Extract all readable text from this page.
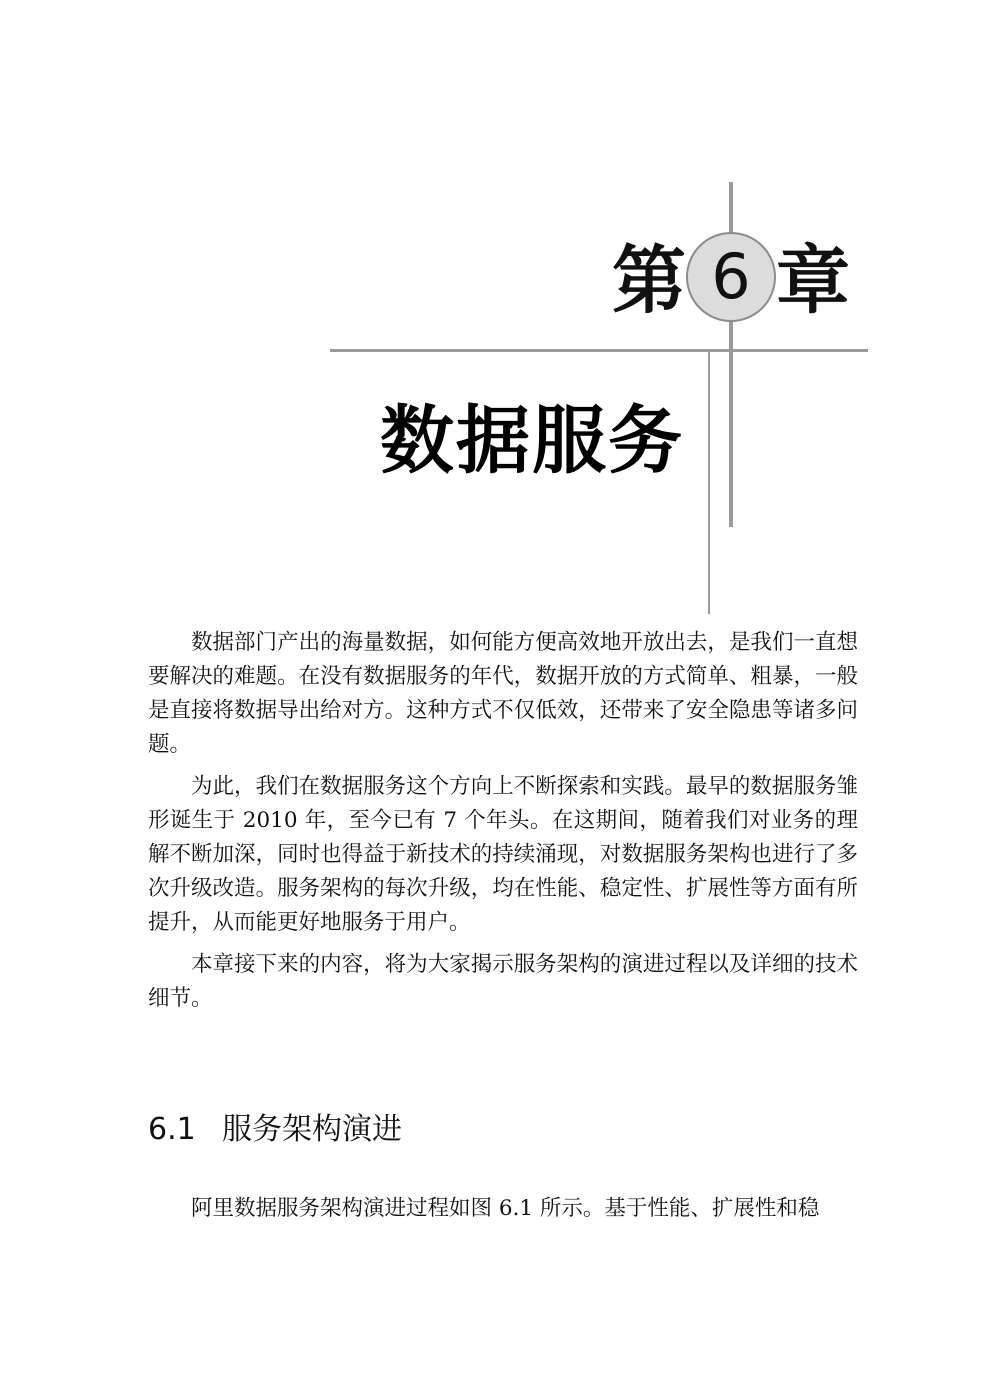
第 6 章
数据服务

数据部门产出的海量数据，如何能方便高效地开放出去，是我们一直想要解决的难题。在没有数据服务的年代，数据开放的方式简单、粗暴，一般是直接将数据导出给对方。这种方式不仅低效，还带来了安全隐患等诸多问题。

为此，我们在数据服务这个方向上不断探索和实践。最早的数据服务雏形诞生于 2010 年，至今已有 7 个年头。在这期间，随着我们对业务的理解不断加深，同时也得益于新技术的持续涌现，对数据服务架构也进行了多次升级改造。服务架构的每次升级，均在性能、稳定性、扩展性等方面有所提升，从而能更好地服务于用户。

本章接下来的内容，将为大家揭示服务架构的演进过程以及详细的技术细节。

6.1 服务架构演进

阿里数据服务架构演进过程如图 6.1 所示。基于性能、扩展性和稳
